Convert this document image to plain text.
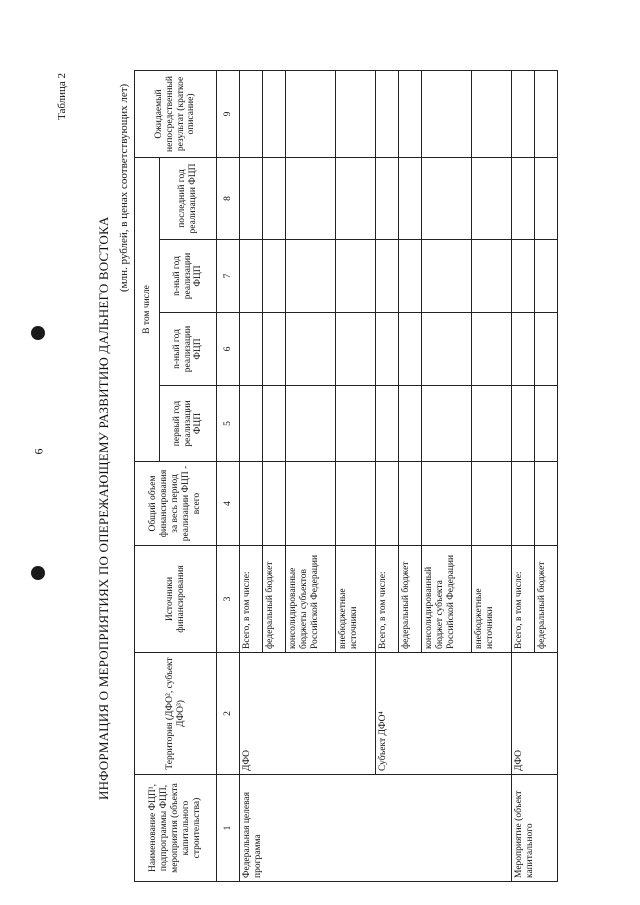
6
Таблица 2
ИНФОРМАЦИЯ О МЕРОПРИЯТИЯХ ПО ОПЕРЕЖАЮЩЕМУ РАЗВИТИЮ ДАЛЬНЕГО ВОСТОКА
(млн. рублей, в ценах соответствующих лет)
Наименование ФЦП¹, подпрограммы ФЦП, мероприятия (объекта капитального строительства)	Территория (ДФО², субъект ДФО³)	Источники финансирования	Общий объем финансирования за весь период реализации ФЦП - всего	В том числе				Ожидаемый непосредственный результат (краткое описание)
				первый год реализации ФЦП	n-ный год реализации ФЦП	n-ный год реализации ФЦП	последний год реализации ФЦП	
1	2	3	4	5	6	7	8	9
Федеральная целевая программа	ДФО	Всего, в том числе:						
		федеральный бюджет						
		консолидированные бюджеты субъектов Российской Федерации						
		внебюджетные источники						
	Субъект ДФО⁴	Всего, в том числе:						
		федеральный бюджет						
		консолидированный бюджет субъекта Российской Федерации						
		внебюджетные источники						
Мероприятие (объект капитального	ДФО	Всего, в том числе:						
		федеральный бюджет						
